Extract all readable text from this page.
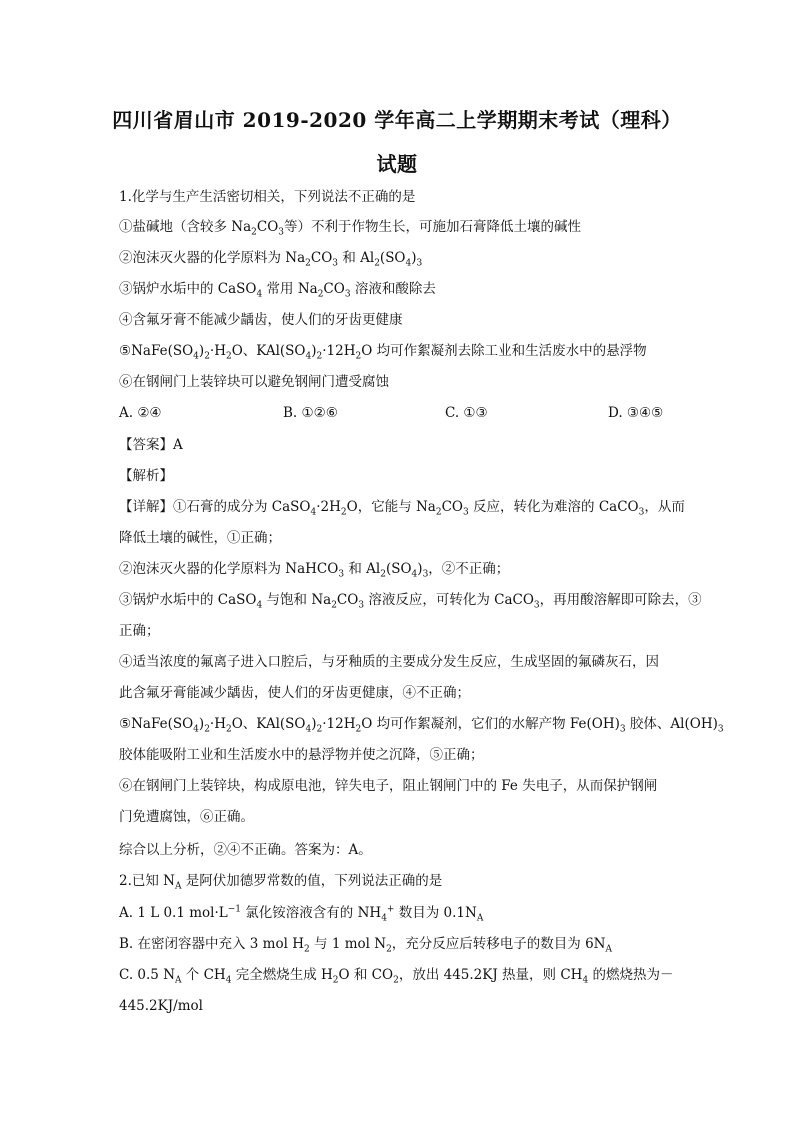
四川省眉山市 2019-2020 学年高二上学期期末考试（理科）
试题
1.化学与生产生活密切相关，下列说法不正确的是
①盐碱地（含较多 $Na_2CO_3$等）不利于作物生长，可施加石膏降低土壤的碱性
②泡沫灭火器的化学原料为 $Na_2CO_3$ 和 $Al_2(SO_4)_3$
③锅炉水垢中的 CaSO$_4$ 常用 $Na_2CO_3$ 溶液和酸除去
④含氟牙膏不能减少龋齿，使人们的牙齿更健康
$⑤NaFe(SO_4)_2\cdot H_2O$、$KAl(SO_4)_2\cdot 12H_2O$ 均可作絮凝剂去除工业和生活废水中的悬浮物
⑥在钢闸门上装锌块可以避免钢闸门遭受腐蚀
A. ②④	B. ①②⑥	C. ①③	D. ③④⑤
【答案】A
【解析】
【详解】①石膏的成分为 $CaSO_4\cdot 2H_2O$，它能与 $Na_2CO_3$ 反应，转化为难溶的 CaCO$_3$，从而
降低土壤的碱性，①正确；
②泡沫灭火器的化学原料为 NaHCO$_3$ 和 $Al_2(SO_4)_3$，②不正确；
③锅炉水垢中的 CaSO$_4$ 与饱和 $Na_2CO_3$ 溶液反应，可转化为 CaCO$_3$，再用酸溶解即可除去，③
正确；
④适当浓度的氟离子进入口腔后，与牙釉质的主要成分发生反应，生成坚固的氟磷灰石，因
此含氟牙膏能减少龋齿，使人们的牙齿更健康，④不正确；
$⑤NaFe(SO_4)_2\cdot H_2O$、$KAl(SO_4)_2\cdot 12H_2O$ 均可作絮凝剂，它们的水解产物 $Fe(OH)_3$ 胶体、$Al(OH)_3$
胶体能吸附工业和生活废水中的悬浮物并使之沉降，⑤正确；
⑥在钢闸门上装锌块，构成原电池，锌失电子，阻止钢闸门中的 Fe 失电子，从而保护钢闸
门免遭腐蚀，⑥正确。
综合以上分析，②④不正确。答案为：A。
2.已知 $N_A$ 是阿伏加德罗常数的值，下列说法正确的是
A. 1 L 0.1 $mol\cdot L^{-1}$ 氯化铵溶液含有的 $NH_4^+$ 数目为 $0.1N_A$
B. 在密闭容器中充入 3 mol $H_2$ 与 1 mol $N_2$，充分反应后转移电子的数目为 $6N_A$
C. 0.5 $N_A$ 个 $CH_4$ 完全燃烧生成 $H_2O$ 和 $CO_2$，放出 445.2KJ 热量，则 $CH_4$ 的燃烧热为－
445.2KJ/mol
